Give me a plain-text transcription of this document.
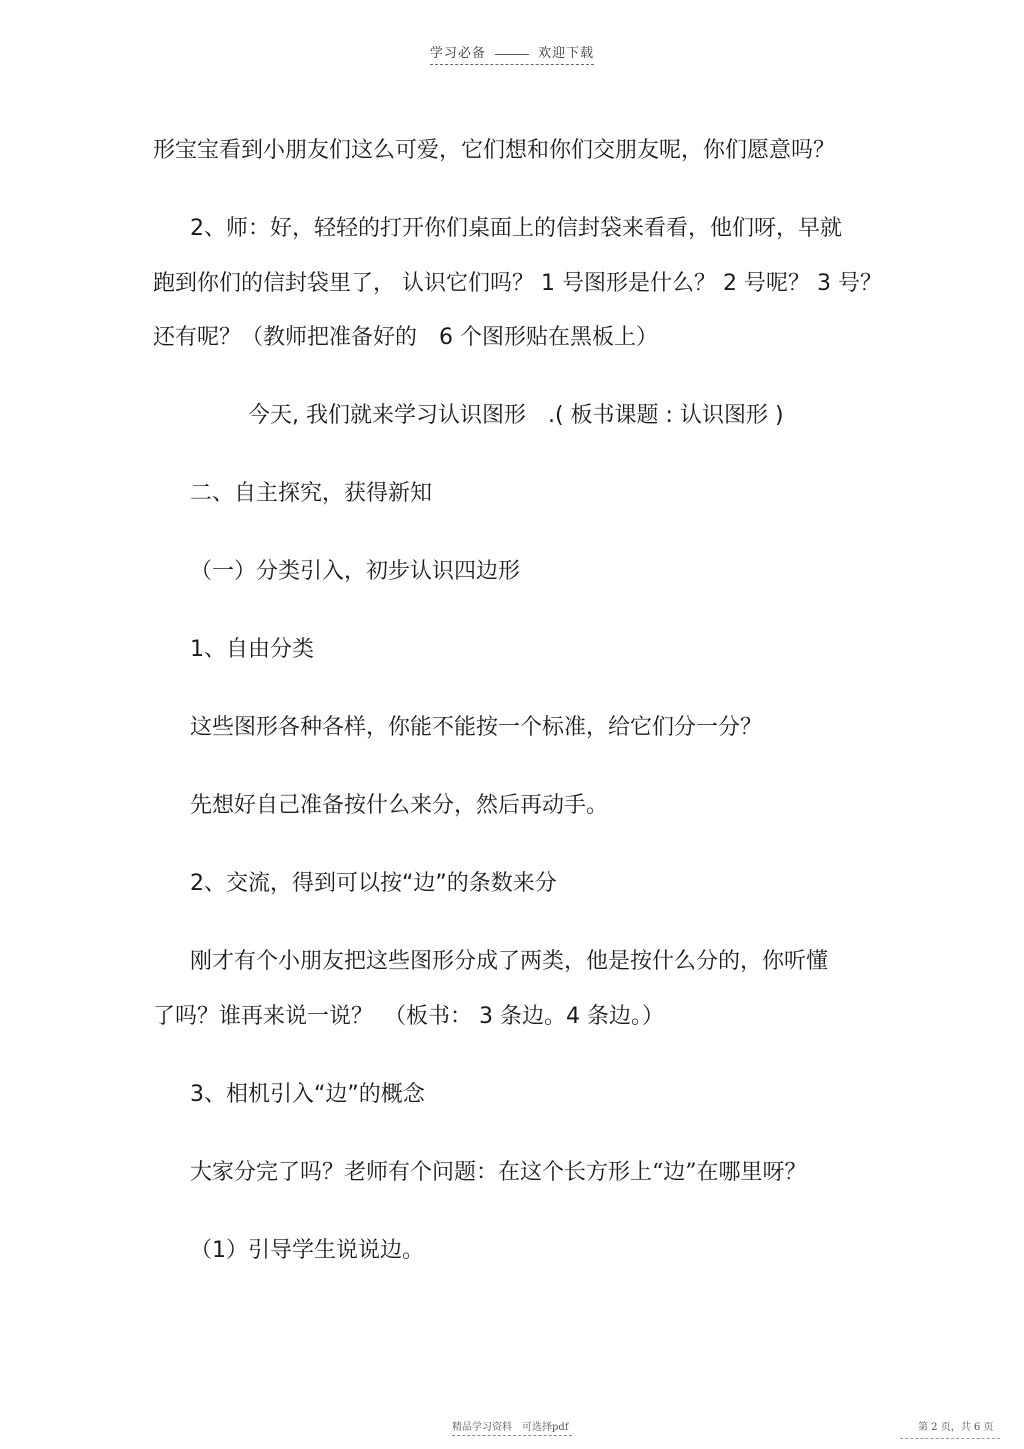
学习必备	欢迎下载
形宝宝看到小朋友们这么可爱，它们想和你们交朋友呢，你们愿意吗？
2、师：好，轻轻的打开你们桌面上的信封袋来看看，他们呀，早就
跑到你们的信封袋里了， 认识它们吗？ 1 号图形是什么？ 2 号呢？ 3 号？
还有呢？（教师把准备好的　6 个图形贴在黑板上）
今天, 我们就来学习认识图形　.( 板书课题 : 认识图形 )
二、自主探究，获得新知
（一）分类引入，初步认识四边形
1、自由分类
这些图形各种各样，你能不能按一个标准，给它们分一分？
先想好自己准备按什么来分，然后再动手。
2、交流，得到可以按“边”的条数来分
刚才有个小朋友把这些图形分成了两类，他是按什么分的，你听懂
了吗？谁再来说一说？　（板书： 3 条边。4 条边。）
3、相机引入“边”的概念
大家分完了吗？老师有个问题：在这个长方形上“边”在哪里呀？
（1）引导学生说说边。
精品学习资料　可选择pdf	第 2 页，共 6 页
